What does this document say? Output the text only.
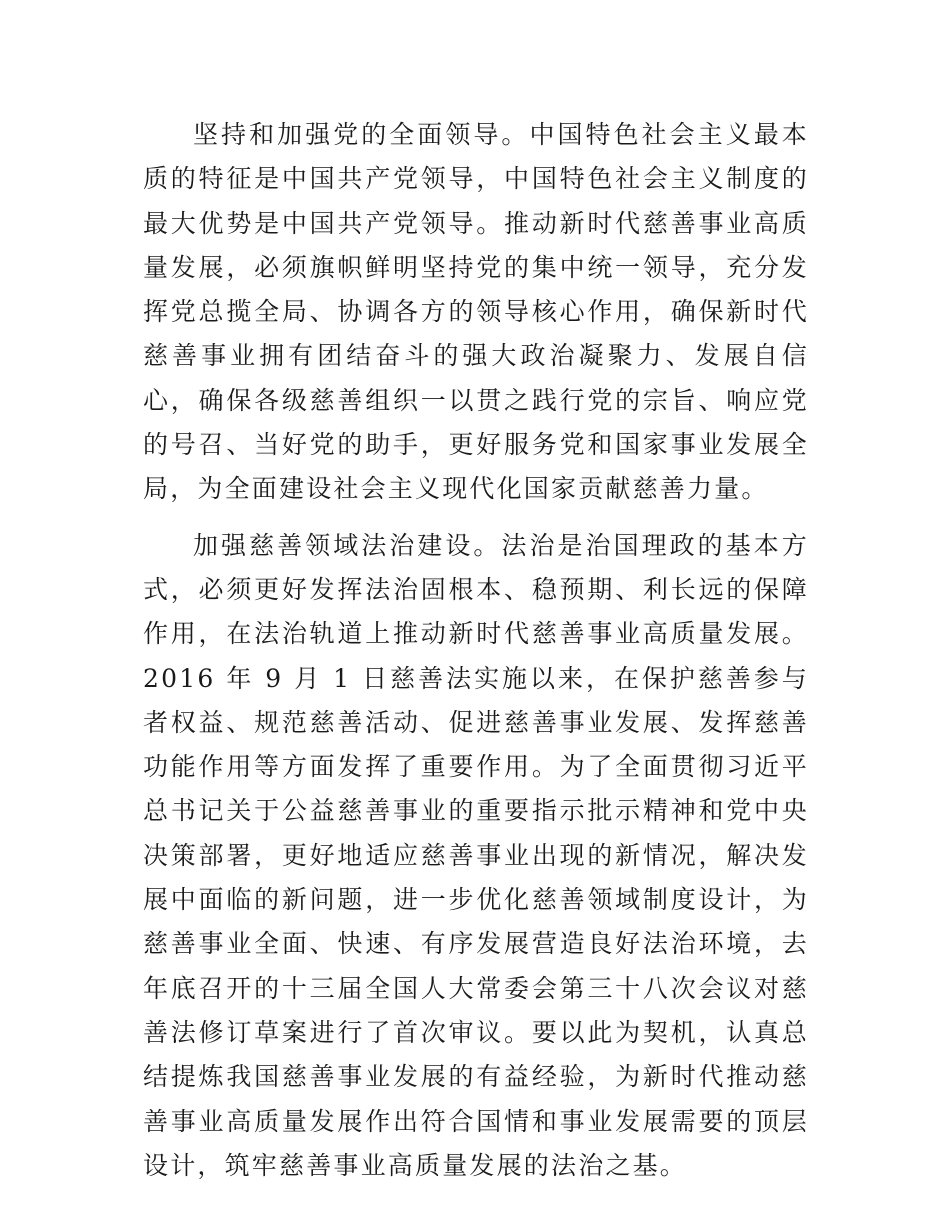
坚持和加强党的全面领导。中国特色社会主义最本质的特征是中国共产党领导，中国特色社会主义制度的最大优势是中国共产党领导。推动新时代慈善事业高质量发展，必须旗帜鲜明坚持党的集中统一领导，充分发挥党总揽全局、协调各方的领导核心作用，确保新时代慈善事业拥有团结奋斗的强大政治凝聚力、发展自信心，确保各级慈善组织一以贯之践行党的宗旨、响应党的号召、当好党的助手，更好服务党和国家事业发展全局，为全面建设社会主义现代化国家贡献慈善力量。

加强慈善领域法治建设。法治是治国理政的基本方式，必须更好发挥法治固根本、稳预期、利长远的保障作用，在法治轨道上推动新时代慈善事业高质量发展。2016 年 9 月 1 日慈善法实施以来，在保护慈善参与者权益、规范慈善活动、促进慈善事业发展、发挥慈善功能作用等方面发挥了重要作用。为了全面贯彻习近平总书记关于公益慈善事业的重要指示批示精神和党中央决策部署，更好地适应慈善事业出现的新情况，解决发展中面临的新问题，进一步优化慈善领域制度设计，为慈善事业全面、快速、有序发展营造良好法治环境，去年底召开的十三届全国人大常委会第三十八次会议对慈善法修订草案进行了首次审议。要以此为契机，认真总结提炼我国慈善事业发展的有益经验，为新时代推动慈善事业高质量发展作出符合国情和事业发展需要的顶层设计，筑牢慈善事业高质量发展的法治之基。
